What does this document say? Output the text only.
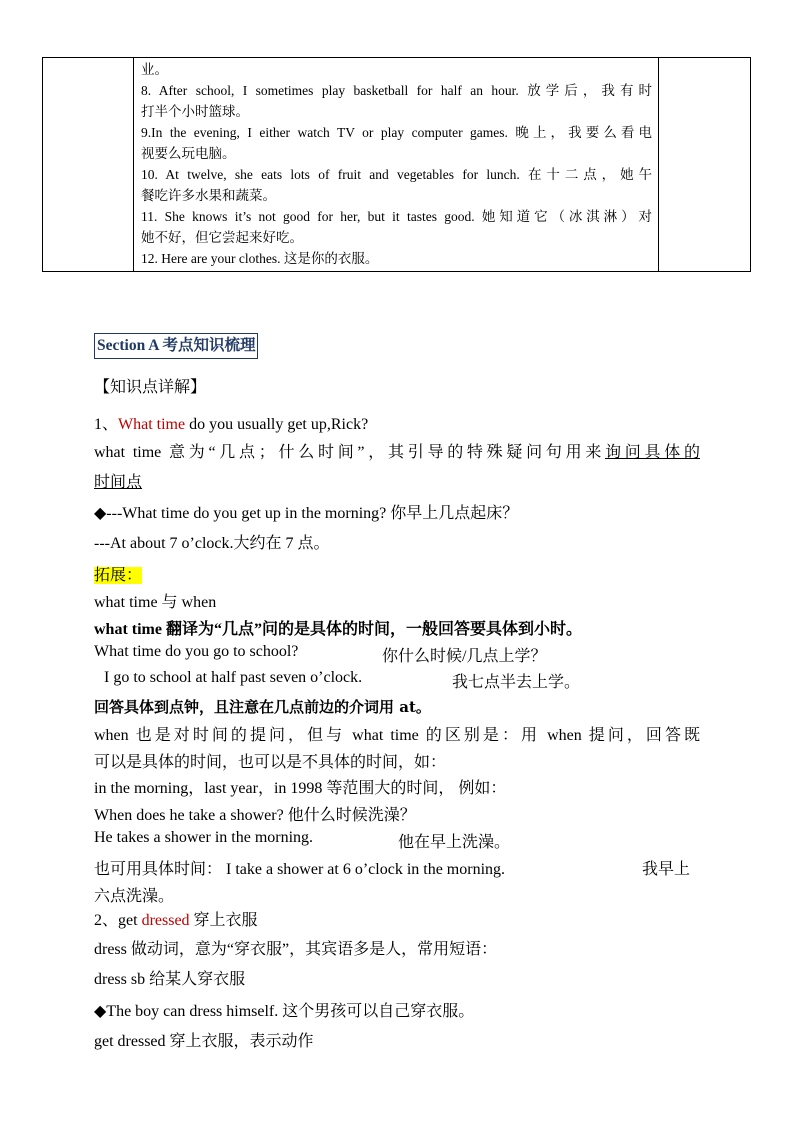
业。

8. After school, I sometimes play basketball for half an hour. 放学后，我有时

打半个小时篮球。

9.In the evening, I either watch TV or play computer games. 晚上，我要么看电

视要么玩电脑。

10. At twelve, she eats lots of fruit and vegetables for lunch. 在十二点，她午

餐吃许多水果和蔬菜。

11. She knows it’s not good for her, but it tastes good. 她知道它（冰淇淋）对

她不好，但它尝起来好吃。

12. Here are your clothes. 这是你的衣服。

Section A 考点知识梳理

【知识点详解】

1、What time do you usually get up,Rick?

what time 意为“几点；什么时间”，其引导的特殊疑问句用来询问具体的

时间点

◆---What time do you get up in the morning? 你早上几点起床？

---At about 7 o’clock.大约在 7 点。

拓展：

what time 与 when

what time 翻译为“几点”问的是具体的时间，一般回答要具体到小时。

What time do you go to school?	你什么时候/几点上学？

I go to school at half past seven o’clock.	我七点半去上学。

回答具体到点钟，且注意在几点前边的介词用 at。

when 也是对时间的提问，但与 what time 的区别是：用 when 提问，回答既

可以是具体的时间，也可以是不具体的时间，如：

in the morning，last year，in 1998 等范围大的时间， 例如：

When does he take a shower? 他什么时候洗澡？

He takes a shower in the morning.	他在早上洗澡。

也可用具体时间： I take a shower at 6 o’clock in the morning.	我早上

六点洗澡。

2、get dressed 穿上衣服

dress 做动词，意为“穿衣服”，其宾语多是人，常用短语：

dress sb 给某人穿衣服

◆The boy can dress himself. 这个男孩可以自己穿衣服。

get dressed 穿上衣服，表示动作
